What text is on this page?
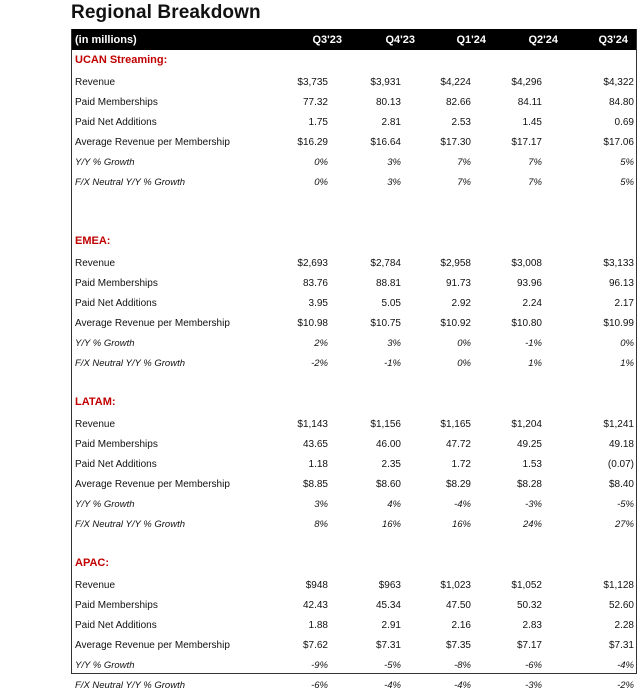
Regional Breakdown
(in millions)	Q3'23	Q4'23	Q1'24	Q2'24	Q3'24
UCAN Streaming:
Revenue	$3,735	$3,931	$4,224	$4,296	$4,322
Paid Memberships	77.32	80.13	82.66	84.11	84.80
Paid Net Additions	1.75	2.81	2.53	1.45	0.69
Average Revenue per Membership	$16.29	$16.64	$17.30	$17.17	$17.06
Y/Y % Growth	0%	3%	7%	7%	5%
F/X Neutral Y/Y % Growth	0%	3%	7%	7%	5%
EMEA:
Revenue	$2,693	$2,784	$2,958	$3,008	$3,133
Paid Memberships	83.76	88.81	91.73	93.96	96.13
Paid Net Additions	3.95	5.05	2.92	2.24	2.17
Average Revenue per Membership	$10.98	$10.75	$10.92	$10.80	$10.99
Y/Y % Growth	2%	3%	0%	-1%	0%
F/X Neutral Y/Y % Growth	-2%	-1%	0%	1%	1%
LATAM:
Revenue	$1,143	$1,156	$1,165	$1,204	$1,241
Paid Memberships	43.65	46.00	47.72	49.25	49.18
Paid Net Additions	1.18	2.35	1.72	1.53	(0.07)
Average Revenue per Membership	$8.85	$8.60	$8.29	$8.28	$8.40
Y/Y % Growth	3%	4%	-4%	-3%	-5%
F/X Neutral Y/Y % Growth	8%	16%	16%	24%	27%
APAC:
Revenue	$948	$963	$1,023	$1,052	$1,128
Paid Memberships	42.43	45.34	47.50	50.32	52.60
Paid Net Additions	1.88	2.91	2.16	2.83	2.28
Average Revenue per Membership	$7.62	$7.31	$7.35	$7.17	$7.31
Y/Y % Growth	-9%	-5%	-8%	-6%	-4%
F/X Neutral Y/Y % Growth	-6%	-4%	-4%	-3%	-2%
